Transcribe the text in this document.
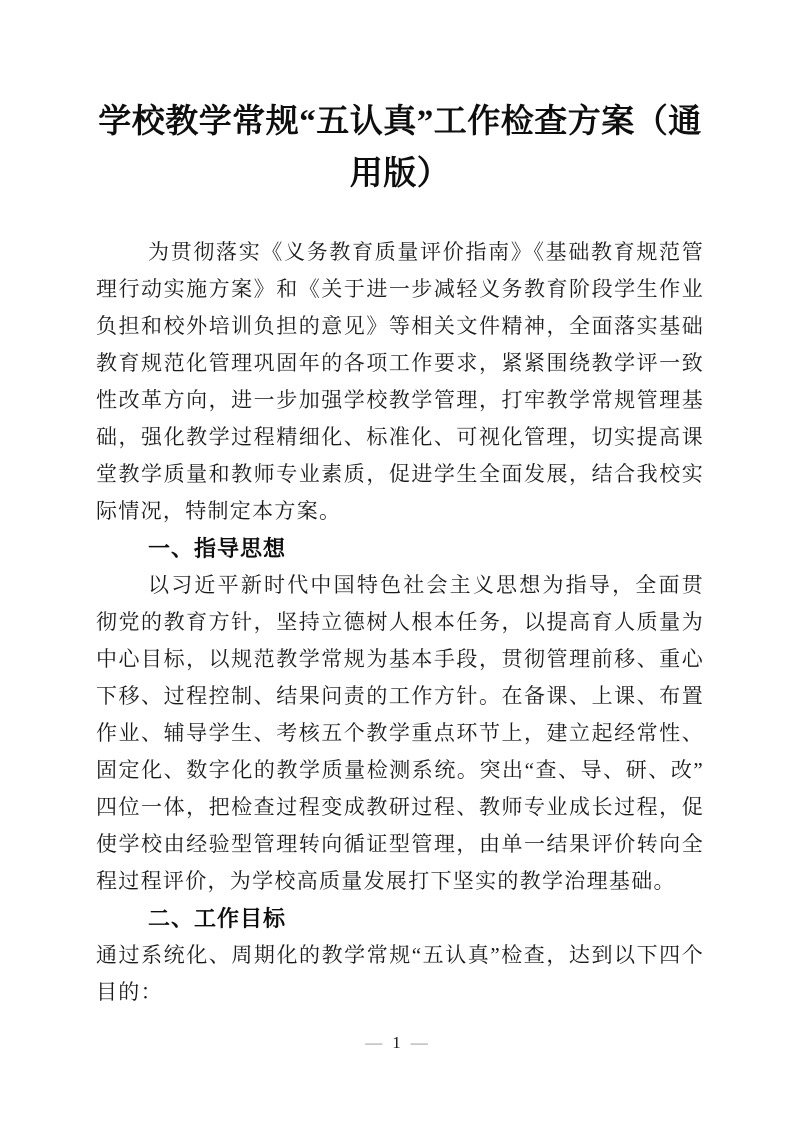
学校教学常规“五认真”工作检查方案（通用版）

为贯彻落实《义务教育质量评价指南》《基础教育规范管理行动实施方案》和《关于进一步减轻义务教育阶段学生作业负担和校外培训负担的意见》等相关文件精神，全面落实基础教育规范化管理巩固年的各项工作要求，紧紧围绕教学评一致性改革方向，进一步加强学校教学管理，打牢教学常规管理基础，强化教学过程精细化、标准化、可视化管理，切实提高课堂教学质量和教师专业素质，促进学生全面发展，结合我校实际情况，特制定本方案。

一、指导思想

以习近平新时代中国特色社会主义思想为指导，全面贯彻党的教育方针，坚持立德树人根本任务，以提高育人质量为中心目标，以规范教学常规为基本手段，贯彻管理前移、重心下移、过程控制、结果问责的工作方针。在备课、上课、布置作业、辅导学生、考核五个教学重点环节上，建立起经常性、固定化、数字化的教学质量检测系统。突出“查、导、研、改”四位一体，把检查过程变成教研过程、教师专业成长过程，促使学校由经验型管理转向循证型管理，由单一结果评价转向全程过程评价，为学校高质量发展打下坚实的教学治理基础。

二、工作目标

通过系统化、周期化的教学常规“五认真”检查，达到以下四个目的：

— 1 —
